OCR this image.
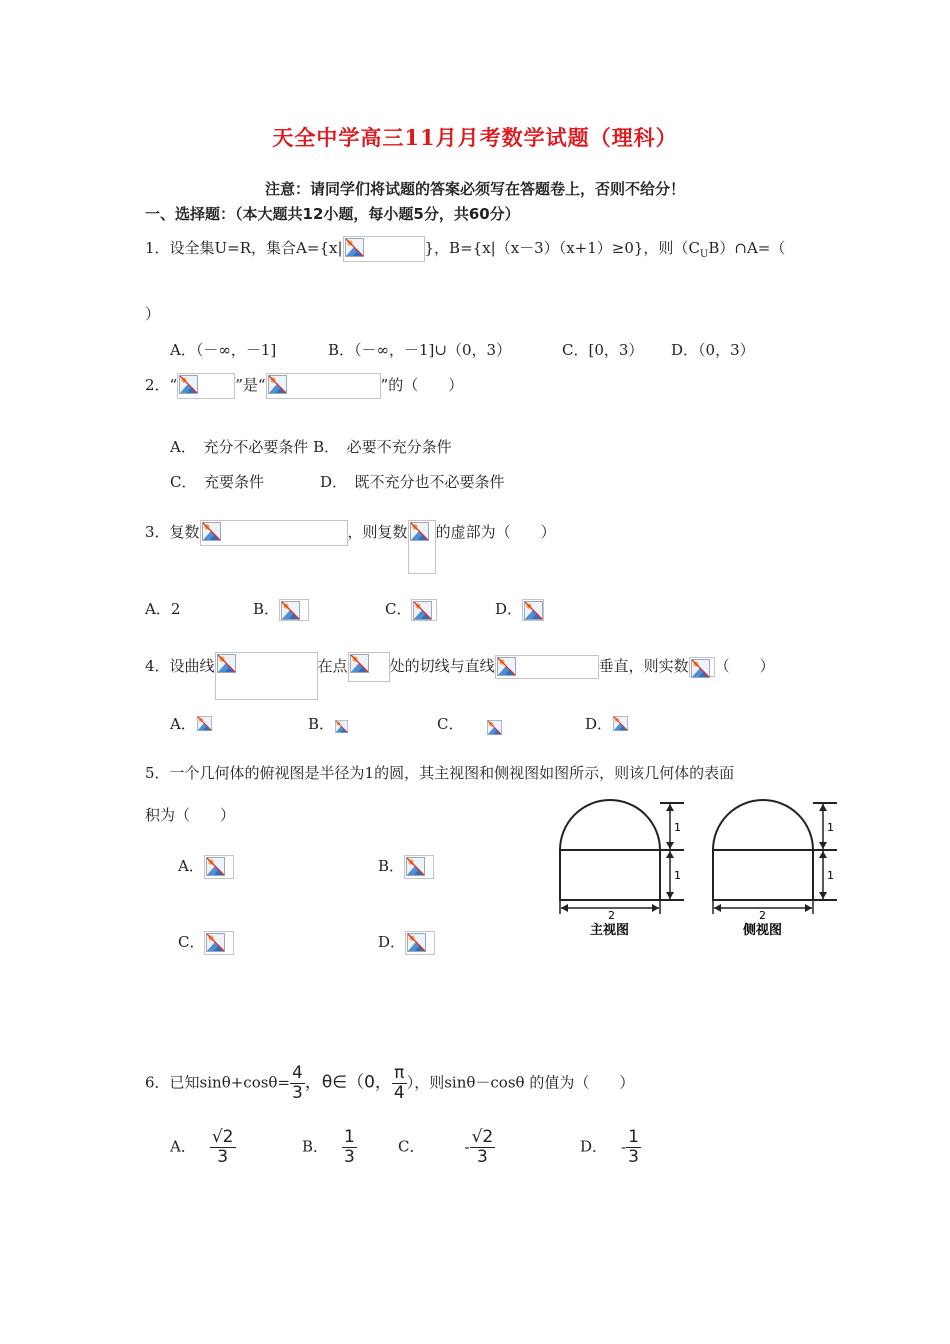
天全中学高三11月月考数学试题（理科）
注意：请同学们将试题的答案必须写在答题卷上，否则不给分！
一、选择题：（本大题共12小题，每小题5分，共60分）
1．设全集U=R，集合A={x|	}，B={x|（x－3）（x+1）≥0}，则$(C_UB)\cap A=$（
）
A．（－∞，－1]	B．（－∞，－1]∪（0，3）	C．[0，3） D．（0，3）
2．“	”是“	”的（　　）
A．　充分不必要条件 B．　必要不充分条件
C．　充要条件	D．　既不充分也不必要条件
3．复数	，则复数 的虚部为（　　）
A．2	B．	C．	D．
4．设曲线	在点	处的切线与直线	垂直，则实数 （　　）
A．	B．	C．	D．
5．一个几何体的俯视图是半径为1的圆，其主视图和侧视图如图所示，则该几何体的表面
积为（　　）
A．	B．
C．	D．
1
1
2
主视图
1
1
2
侧视图
6．已知$\sin\theta+\cos\theta= \frac{4}{3}$ ，θ∈（0， $\frac{\pi}{4}$ ），则sinθ－cosθ 的值为（　　）
A． $\frac{√2}{3}$	B． $\frac{1}{3}$	C．	- $\frac{√2}{3}$	D． - $\frac{1}{3}$
